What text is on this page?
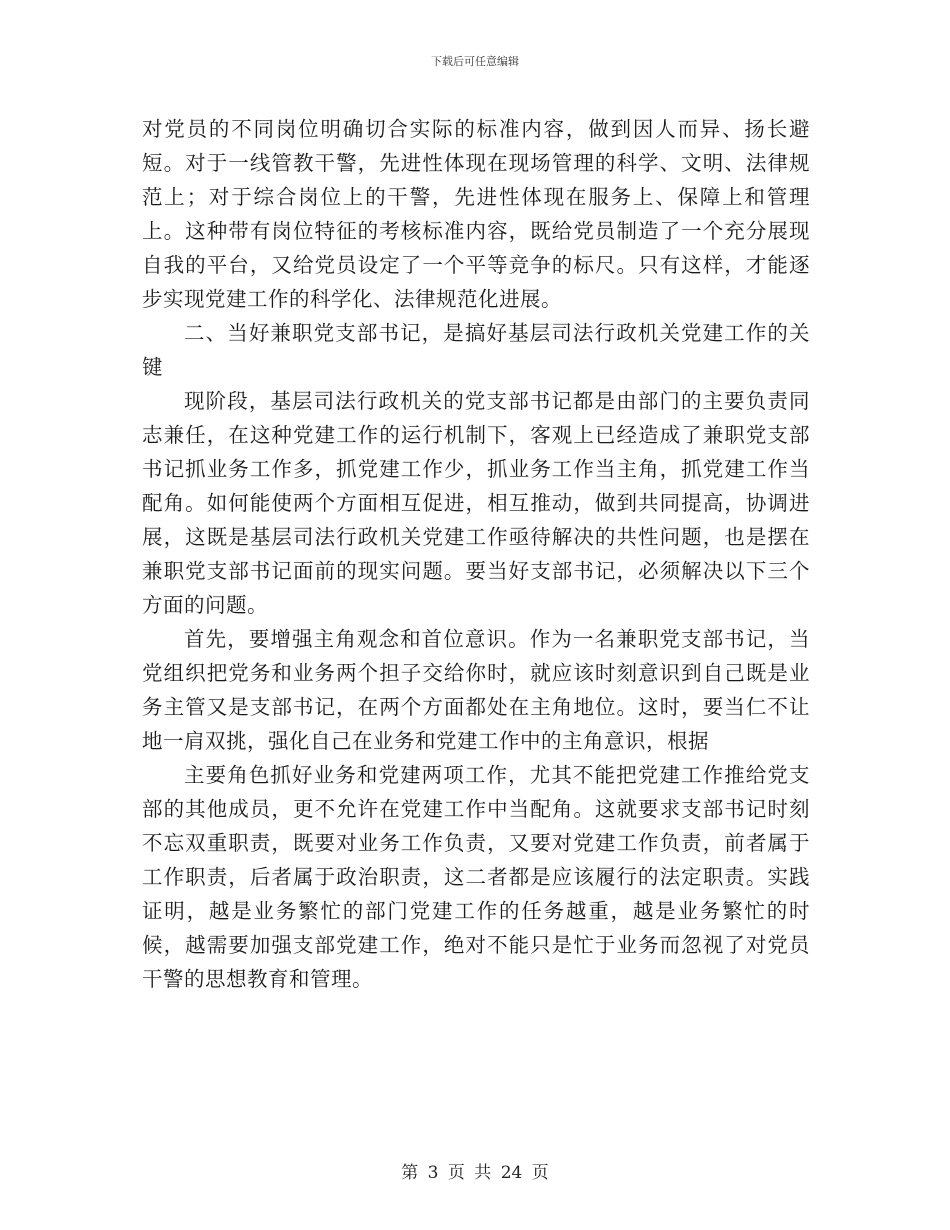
下载后可任意编辑

对党员的不同岗位明确切合实际的标准内容，做到因人而异、扬长避短。对于一线管教干警，先进性体现在现场管理的科学、文明、法律规范上；对于综合岗位上的干警，先进性体现在服务上、保障上和管理上。这种带有岗位特征的考核标准内容，既给党员制造了一个充分展现自我的平台，又给党员设定了一个平等竞争的标尺。只有这样，才能逐步实现党建工作的科学化、法律规范化进展。

二、当好兼职党支部书记，是搞好基层司法行政机关党建工作的关键

现阶段，基层司法行政机关的党支部书记都是由部门的主要负责同志兼任，在这种党建工作的运行机制下，客观上已经造成了兼职党支部书记抓业务工作多，抓党建工作少，抓业务工作当主角，抓党建工作当配角。如何能使两个方面相互促进，相互推动，做到共同提高，协调进展，这既是基层司法行政机关党建工作亟待解决的共性问题，也是摆在兼职党支部书记面前的现实问题。要当好支部书记，必须解决以下三个方面的问题。

首先，要增强主角观念和首位意识。作为一名兼职党支部书记，当党组织把党务和业务两个担子交给你时，就应该时刻意识到自己既是业务主管又是支部书记，在两个方面都处在主角地位。这时，要当仁不让地一肩双挑，强化自己在业务和党建工作中的主角意识，根据

主要角色抓好业务和党建两项工作，尤其不能把党建工作推给党支部的其他成员，更不允许在党建工作中当配角。这就要求支部书记时刻不忘双重职责，既要对业务工作负责，又要对党建工作负责，前者属于工作职责，后者属于政治职责，这二者都是应该履行的法定职责。实践证明，越是业务繁忙的部门党建工作的任务越重，越是业务繁忙的时候，越需要加强支部党建工作，绝对不能只是忙于业务而忽视了对党员干警的思想教育和管理。

第 3 页 共 24 页
